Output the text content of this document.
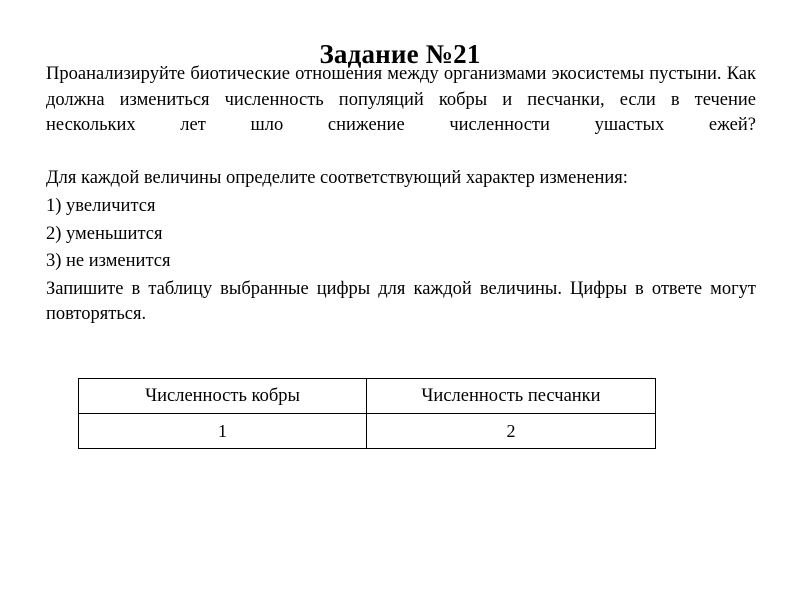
Задание №21

Проанализируйте биотические отношения между организмами экосистемы пустыни. Как должна измениться численность популяций кобры и песчанки, если в течение нескольких лет шло снижение численности ушастых ежей?

Для каждой величины определите соответствующий характер изменения:

1) увеличится

2) уменьшится

3) не изменится

Запишите в таблицу выбранные цифры для каждой величины. Цифры в ответе могут повторяться.

Численность кобры	Численность песчанки
1	2
